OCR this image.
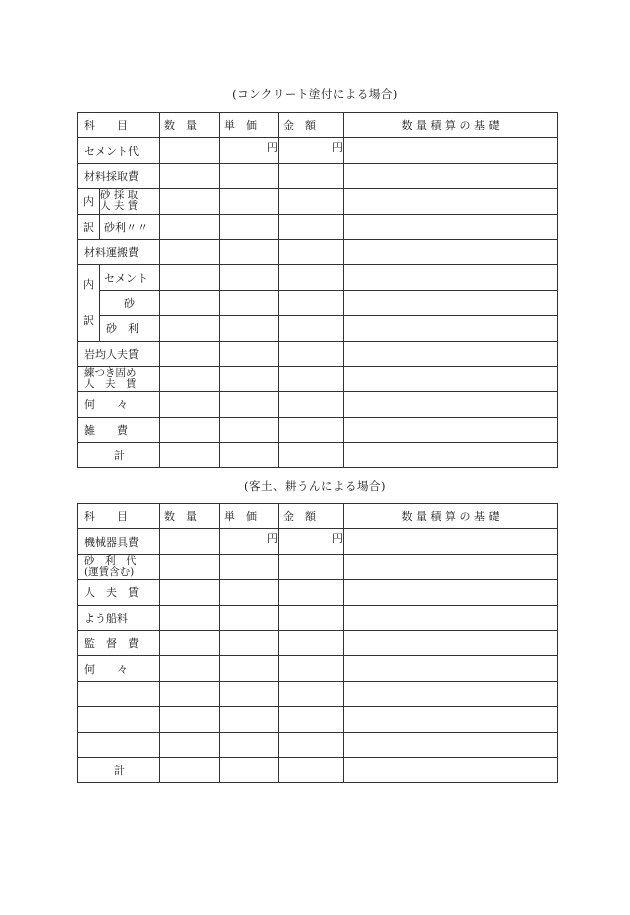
(コンクリート塗付による場合)
科　　目		数　量	単　価	金　額	数 量 積 算 の 基 礎
セメント代			円	円	

材料採取費					
内	砂 採 取
人 夫 賃				

訳	砂利〃〃				
材料運搬費					

内
訳	セメント				
	砂				

	砂　利				

岩均人夫賃					

練つき固め
人　夫　賃					

何　　々					
雑　　費					
計					
(客土、耕うんによる場合)
科　　目	数　量	単　価	金　額	数 量 積 算 の 基 礎
機械器具費		円	円	

砂　利　代
(運賃含む)				

人　夫　賃				
よう船料				
監　督　費				
何　　々				

計				
